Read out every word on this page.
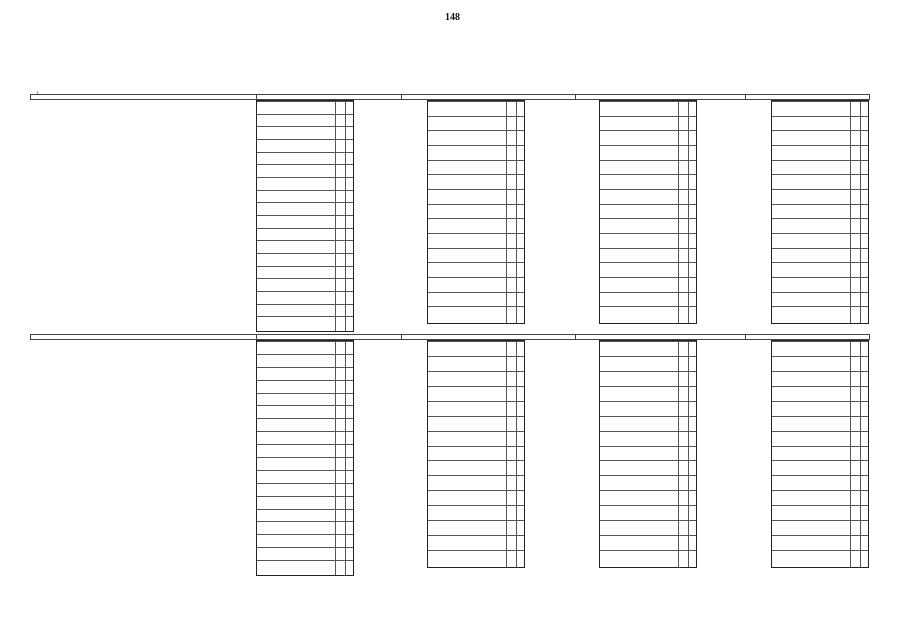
148
3
